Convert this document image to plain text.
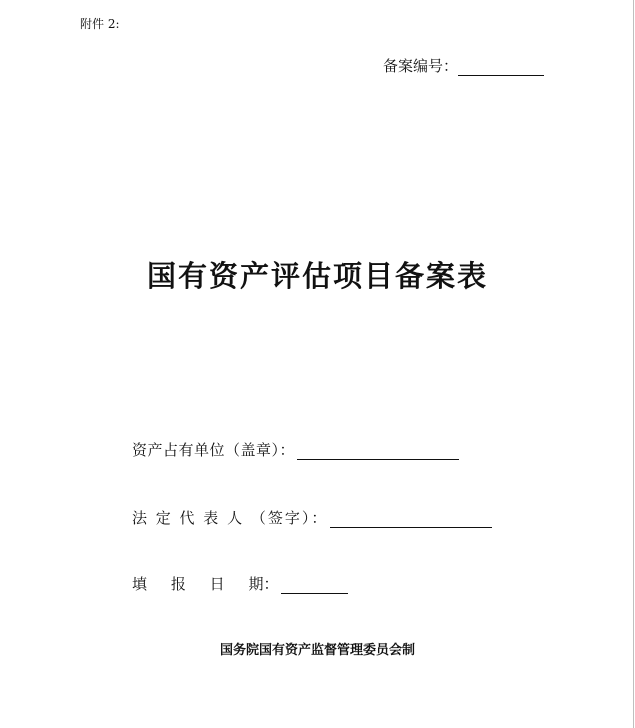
附件 2:
备案编号：
国有资产评估项目备案表
资产占有单位（盖章）：
法 定 代 表 人 （签字）：
填     报     日     期：
国务院国有资产监督管理委员会制
